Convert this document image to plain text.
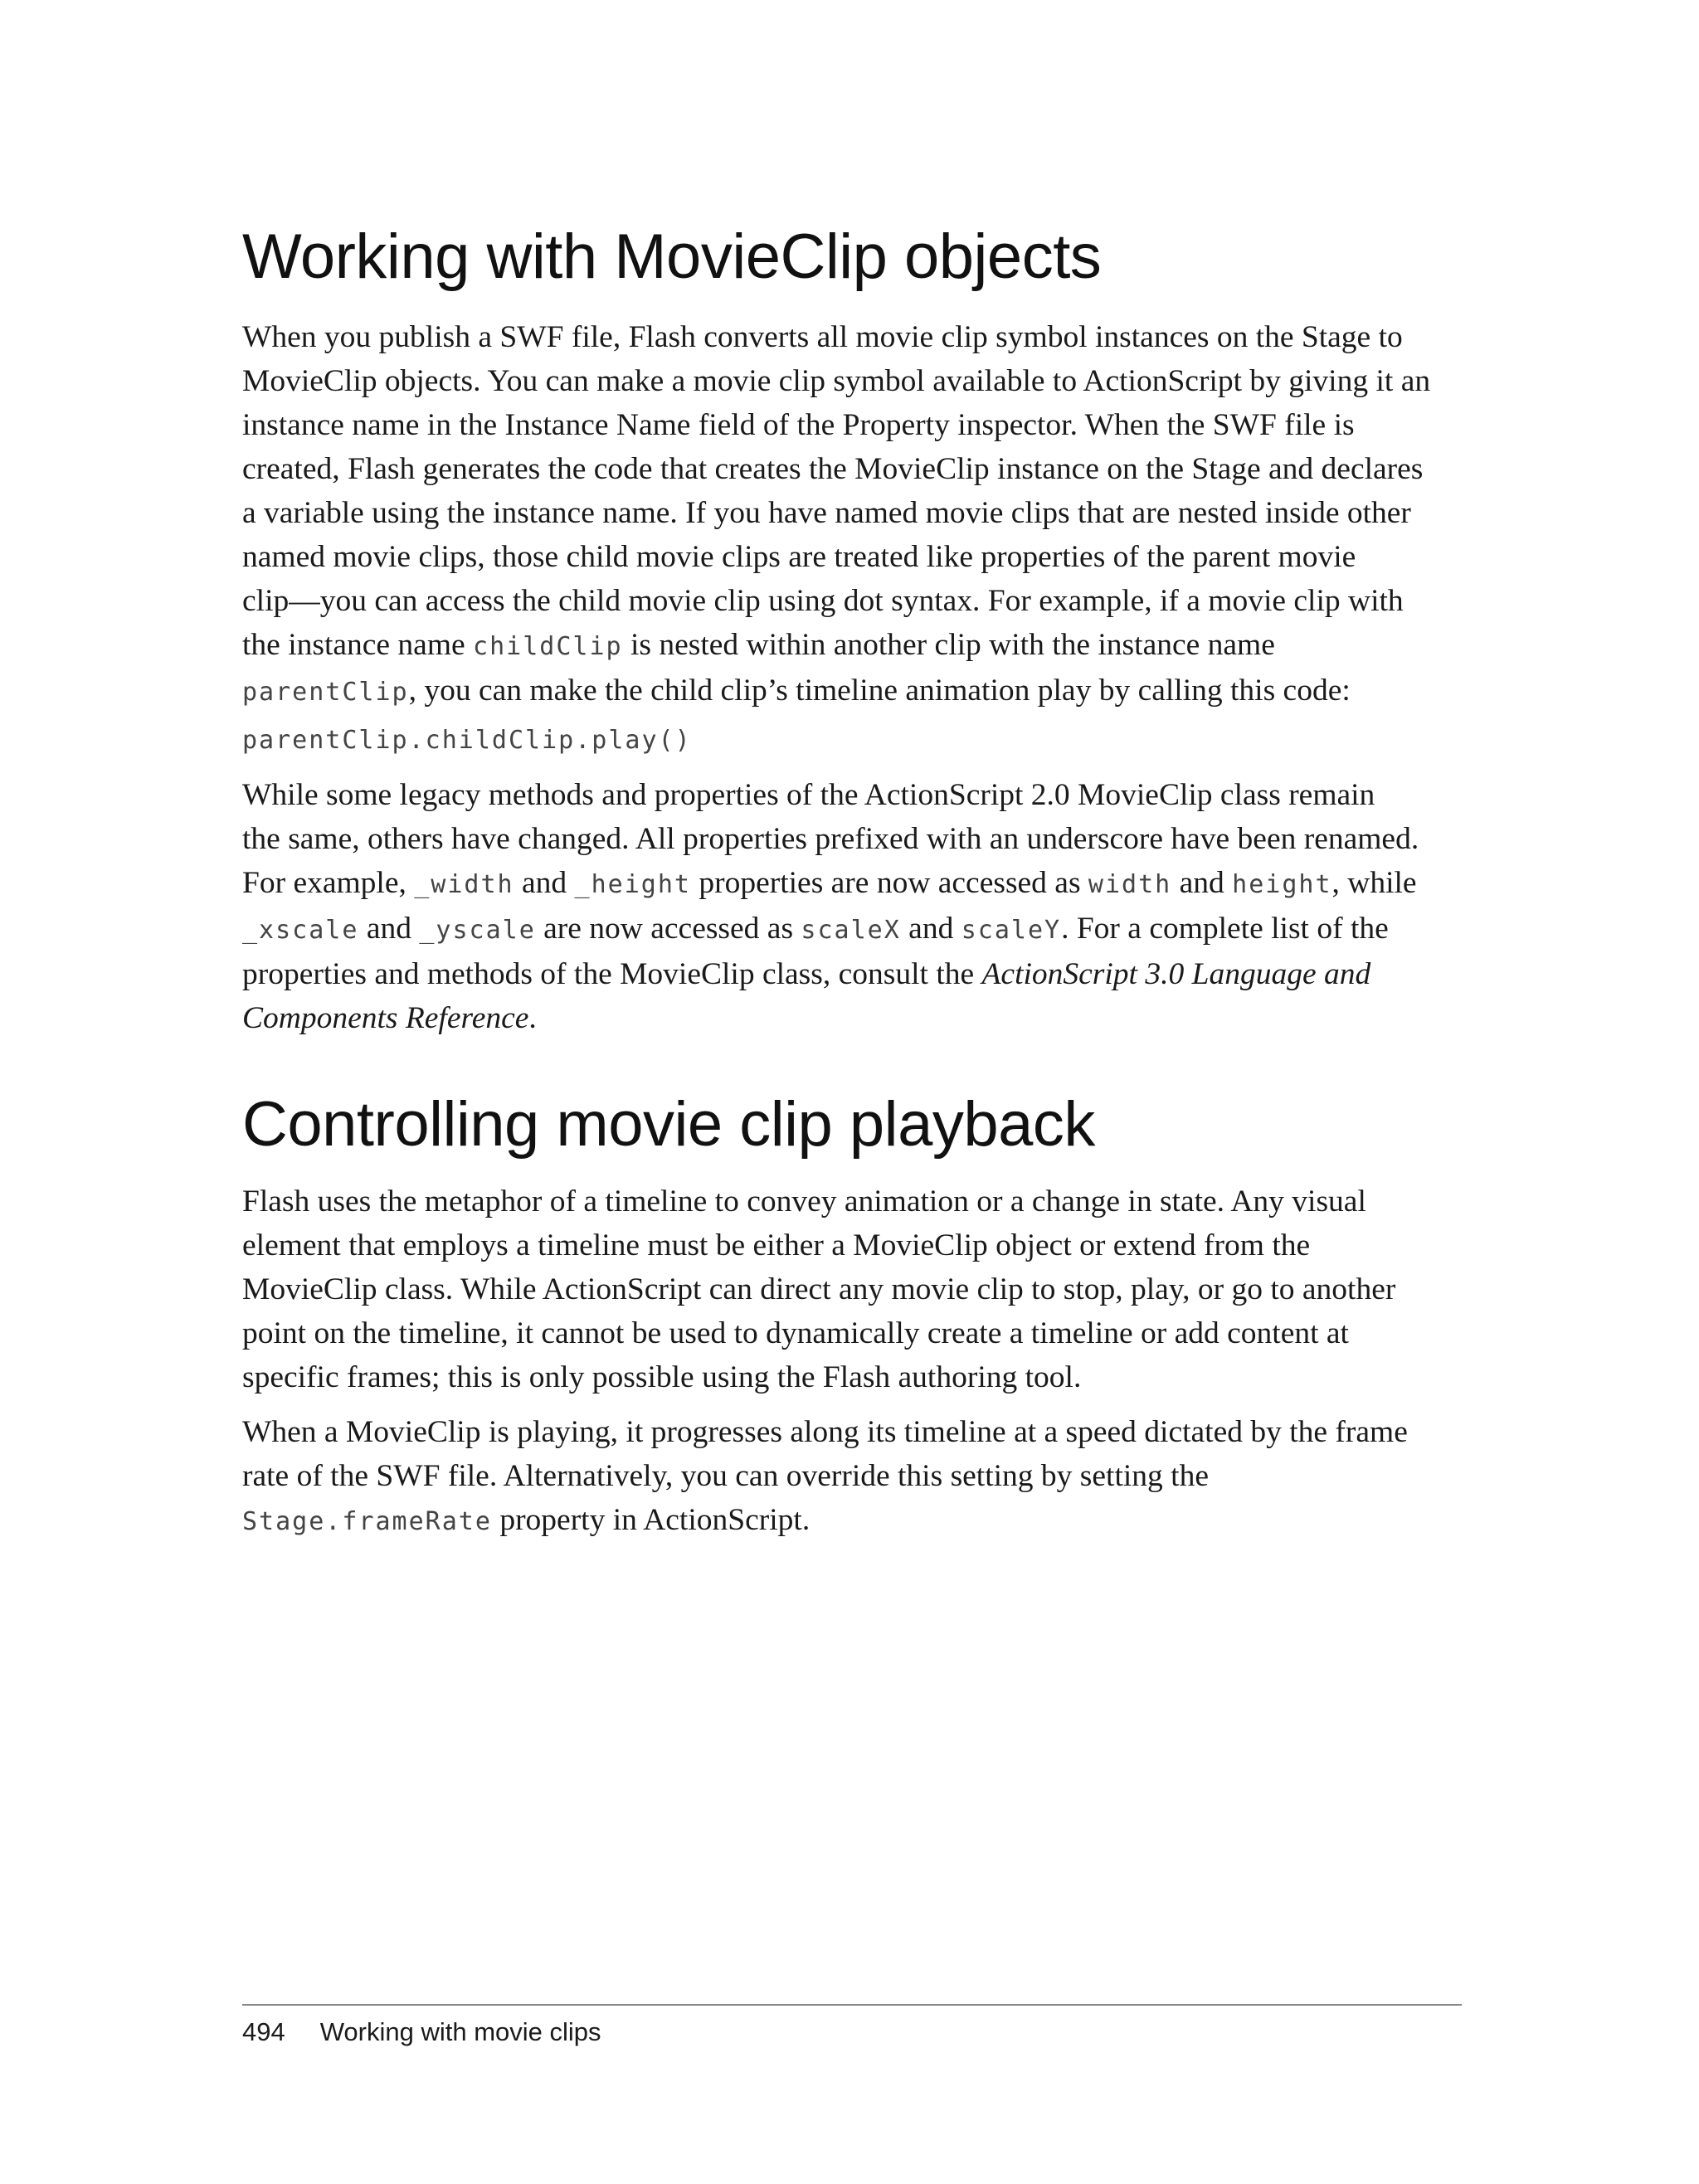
Working with MovieClip objects

When you publish a SWF file, Flash converts all movie clip symbol instances on the Stage to
MovieClip objects. You can make a movie clip symbol available to ActionScript by giving it an
instance name in the Instance Name field of the Property inspector. When the SWF file is
created, Flash generates the code that creates the MovieClip instance on the Stage and declares
a variable using the instance name. If you have named movie clips that are nested inside other
named movie clips, those child movie clips are treated like properties of the parent movie
clip—you can access the child movie clip using dot syntax. For example, if a movie clip with
the instance name childClip is nested within another clip with the instance name
parentClip, you can make the child clip’s timeline animation play by calling this code:

parentClip.childClip.play()

While some legacy methods and properties of the ActionScript 2.0 MovieClip class remain
the same, others have changed. All properties prefixed with an underscore have been renamed.
For example, _width and _height properties are now accessed as width and height, while
_xscale and _yscale are now accessed as scaleX and scaleY. For a complete list of the
properties and methods of the MovieClip class, consult the ActionScript 3.0 Language and
Components Reference.

Controlling movie clip playback

Flash uses the metaphor of a timeline to convey animation or a change in state. Any visual
element that employs a timeline must be either a MovieClip object or extend from the
MovieClip class. While ActionScript can direct any movie clip to stop, play, or go to another
point on the timeline, it cannot be used to dynamically create a timeline or add content at
specific frames; this is only possible using the Flash authoring tool.

When a MovieClip is playing, it progresses along its timeline at a speed dictated by the frame
rate of the SWF file. Alternatively, you can override this setting by setting the
Stage.frameRate property in ActionScript.

494 Working with movie clips
